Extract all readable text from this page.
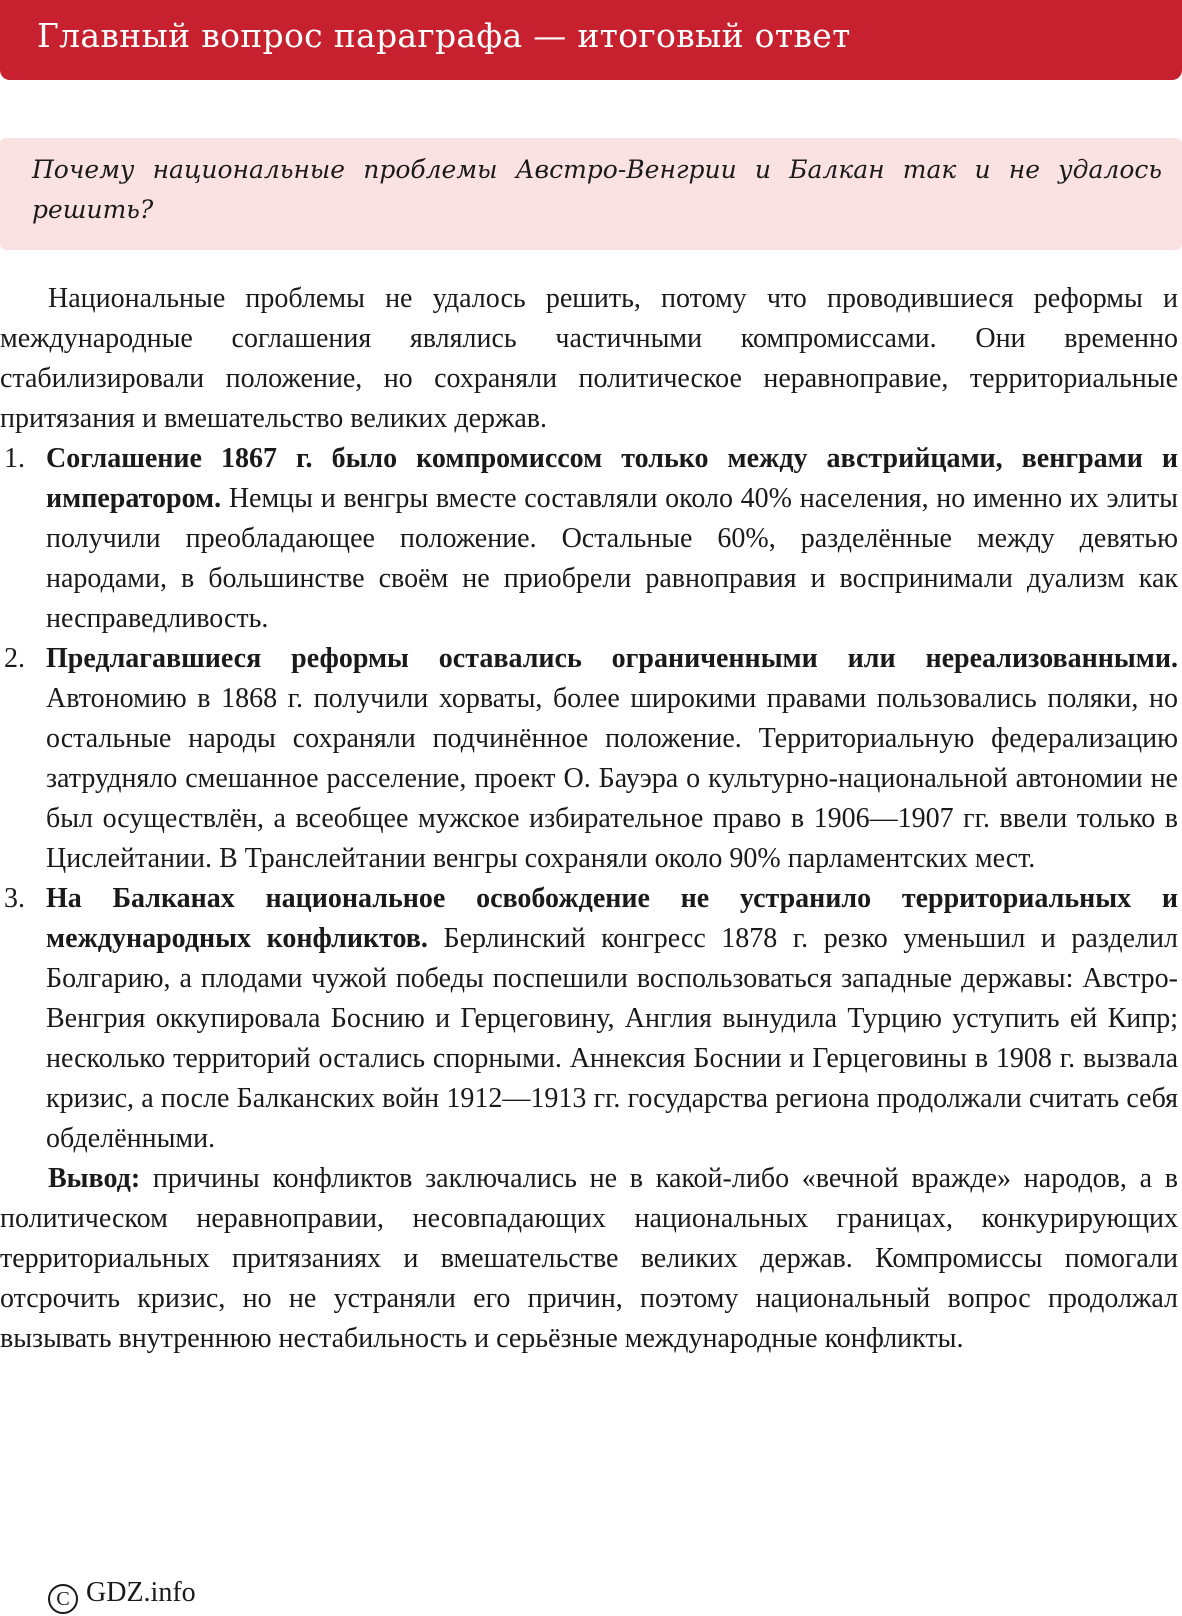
Главный вопрос параграфа — итоговый ответ
Почему национальные проблемы Австро-Венгрии и Балкан так и не удалось решить?

Национальные проблемы не удалось решить, потому что проводившиеся реформы и международные соглашения являлись частичными компромиссами. Они временно стабилизировали положение, но сохраняли политическое неравноправие, территориальные притязания и вмешательство великих держав.

1. Соглашение 1867 г. было компромиссом только между австрийцами, венграми и императором. Немцы и венгры вместе составляли около 40% населения, но именно их элиты получили преобладающее положение. Остальные 60%, разделённые между девятью народами, в большинстве своём не приобрели равноправия и воспринимали дуализм как несправедливость.
2. Предлагавшиеся реформы оставались ограниченными или нереализованными. Автономию в 1868 г. получили хорваты, более широкими правами пользовались поляки, но остальные народы сохраняли подчинённое положение. Территориальную федерализацию затрудняло смешанное расселение, проект О. Бауэра о культурно-национальной автономии не был осуществлён, а всеобщее мужское избирательное право в 1906—1907 гг. ввели только в Цислейтании. В Транслейтании венгры сохраняли около 90% парламентских мест.
3. На Балканах национальное освобождение не устранило территориальных и международных конфликтов. Берлинский конгресс 1878 г. резко уменьшил и разделил Болгарию, а плодами чужой победы поспешили воспользоваться западные державы: Австро-Венгрия оккупировала Боснию и Герцеговину, Англия вынудила Турцию уступить ей Кипр; несколько территорий остались спорными. Аннексия Боснии и Герцеговины в 1908 г. вызвала кризис, а после Балканских войн 1912—1913 гг. государства региона продолжали считать себя обделёнными.

Вывод: причины конфликтов заключались не в какой-либо «вечной вражде» народов, а в политическом неравноправии, несовпадающих национальных границах, конкурирующих территориальных притязаниях и вмешательстве великих держав. Компромиссы помогали отсрочить кризис, но не устраняли его причин, поэтому национальный вопрос продолжал вызывать внутреннюю нестабильность и серьёзные международные конфликты.

C GDZ.info
